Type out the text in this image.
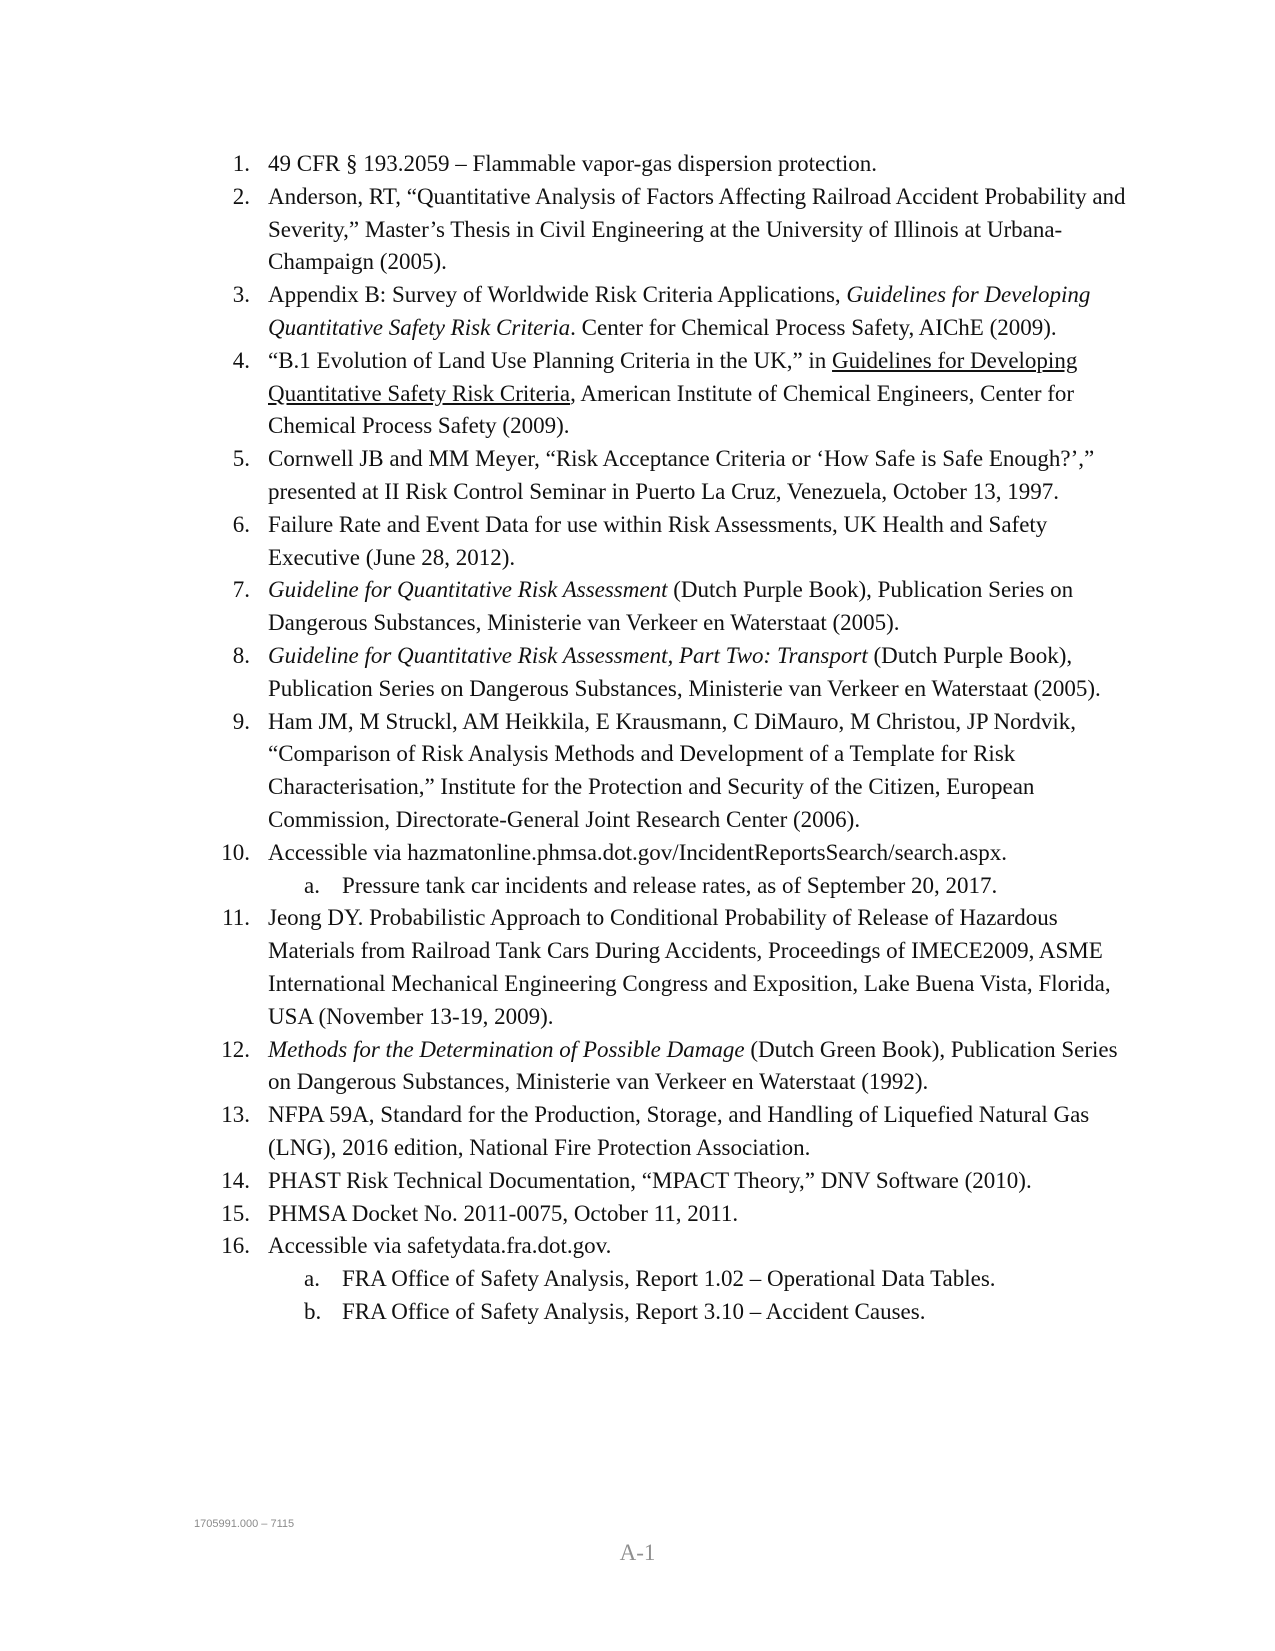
1. 49 CFR § 193.2059 – Flammable vapor-gas dispersion protection.
2. Anderson, RT, “Quantitative Analysis of Factors Affecting Railroad Accident Probability and Severity,” Master’s Thesis in Civil Engineering at the University of Illinois at Urbana-Champaign (2005).
3. Appendix B: Survey of Worldwide Risk Criteria Applications, Guidelines for Developing Quantitative Safety Risk Criteria. Center for Chemical Process Safety, AIChE (2009).
4. “B.1 Evolution of Land Use Planning Criteria in the UK,” in Guidelines for Developing Quantitative Safety Risk Criteria, American Institute of Chemical Engineers, Center for Chemical Process Safety (2009).
5. Cornwell JB and MM Meyer, “Risk Acceptance Criteria or ‘How Safe is Safe Enough?’,” presented at II Risk Control Seminar in Puerto La Cruz, Venezuela, October 13, 1997.
6. Failure Rate and Event Data for use within Risk Assessments, UK Health and Safety Executive (June 28, 2012).
7. Guideline for Quantitative Risk Assessment (Dutch Purple Book), Publication Series on Dangerous Substances, Ministerie van Verkeer en Waterstaat (2005).
8. Guideline for Quantitative Risk Assessment, Part Two: Transport (Dutch Purple Book), Publication Series on Dangerous Substances, Ministerie van Verkeer en Waterstaat (2005).
9. Ham JM, M Struckl, AM Heikkila, E Krausmann, C DiMauro, M Christou, JP Nordvik, “Comparison of Risk Analysis Methods and Development of a Template for Risk Characterisation,” Institute for the Protection and Security of the Citizen, European Commission, Directorate-General Joint Research Center (2006).
10. Accessible via hazmatonline.phmsa.dot.gov/IncidentReportsSearch/search.aspx.
a. Pressure tank car incidents and release rates, as of September 20, 2017.
11. Jeong DY. Probabilistic Approach to Conditional Probability of Release of Hazardous Materials from Railroad Tank Cars During Accidents, Proceedings of IMECE2009, ASME International Mechanical Engineering Congress and Exposition, Lake Buena Vista, Florida, USA (November 13-19, 2009).
12. Methods for the Determination of Possible Damage (Dutch Green Book), Publication Series on Dangerous Substances, Ministerie van Verkeer en Waterstaat (1992).
13. NFPA 59A, Standard for the Production, Storage, and Handling of Liquefied Natural Gas (LNG), 2016 edition, National Fire Protection Association.
14. PHAST Risk Technical Documentation, “MPACT Theory,” DNV Software (2010).
15. PHMSA Docket No. 2011-0075, October 11, 2011.
16. Accessible via safetydata.fra.dot.gov.
a. FRA Office of Safety Analysis, Report 1.02 – Operational Data Tables.
b. FRA Office of Safety Analysis, Report 3.10 – Accident Causes.
1705991.000 – 7115
A-1
